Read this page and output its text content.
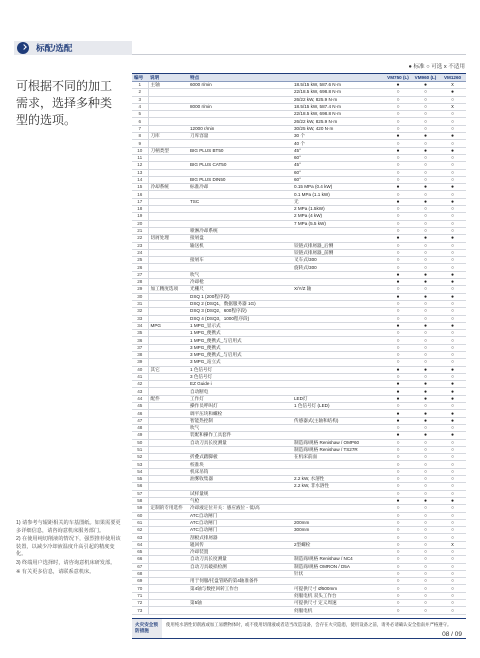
标配/选配
● 标准 ○ 可选 x 不适用
可根据不同的加工需求，选择多种类型的选项。

1) 请参考与辊距相关的车基图纸。如果需要更多详细信息，请咨询意机床服务部门。

2) 在使用纯切削液的情况下，强烈推荐使用该装置，以减少冷却液温度升高引起的精度变化。

3) 终端用户选择时，请咨询意机床研发部。

※ 有关更多信息，请联系意机床。

编号	说明	特点		VM750 (L)	VM960 (L)	VM1260
1	主轴	6000 r/min	18.5/15 kW, 587.6 N·m	●	●	x
2			22/18.5 kW, 698.8 N·m	○	○	●
3			26/22 kW, 825.9 N·m	○	○	○
4		8000 r/min	18.5/15 kW, 587.4 N·m	○	○	x
5			22/18.5 kW, 698.8 N·m	○	○	○
6			26/22 kW, 825.9 N·m	○	○	○
7		12000 r/min	30/25 kW, 420 N·m	○	○	○
8	刀库	刀库容量	30 个	●	●	●
9			40 个	○	○	○
10	刀柄类型	BIG PLUS BT50	45°	●	●	●
11			60°	○	○	○
12		BIG PLUS CAT50	45°	○	○	○
13			60°	○	○	○
14		BIG PLUS DIN50	60°	○	○	○
15	冷却系统	标准冷却	0.15 MPa (0.4 kW)	●	●	●
16			0.1 MPa (1.1 kW)	○	○	○
17		TSC	无	●	●	●
18			2 MPa (1.5kW)	○	○	○
19			2 MPa (4 kW)	○	○	○
20			7 MPa (5.5 kW)	○	○	○
21		喷淋冷却系统		○	○	○
22	切屑处理	接屑盘		●	●	●
23		输送机	铰链式排屑器_后侧	○	○	○
24			铰链式排屑器_前侧	○	○	○
25		接屑车	叉车式/300	○	○	○
26			旋转式/300	○	○	○
27		吹气		●	●	●
28		冷却枪		●	●	●
29	加工精度选项	光栅尺	X/Y/Z 轴	○	○	○
30		DSQ 1 (200程序段)		●	●	●
31		DSQ 2 (DSQ1，数据服务器 1G)		○	○	○
32		DSQ 3 (DSQ2，600程序段)		○	○	○
33		DSQ 4 (DSQ3，1000程序段)		○	○	○
34	MPG	1 MPG_显示式		●	●	●
35		1 MPG_便携式		○	○	○
36		1 MPG_便携式_与启用式		○	○	○
37		3 MPG_便携式		○	○	○
38		3 MPG_便携式_与启用式		○	○	○
39		3 MPG_站立式		○	○	○
40	其它	1 色信号灯		●	●	●
41		3 色信号灯		○	○	○
42		EZ Guide i		●	●	●
43		自动断电		●	●	●
44	配件	工作灯	LED灯	●	●	●
45		操作员呼叫灯	1 色信号灯 (LED)	○	○	○
46		调平压块和螺栓		●	●	●
47		智能热控制	传感器式(主轴和结构)	●	●	●
48		吹气		○	○	○
49		装配和操作工具套件		●	●	●
50		自动刀具长度测量	制造商/规格 Renishaw / OMP60	○	○	○
51			制造商/规格 Renishaw / TS27R	○	○	○
52		折叠式踏脚板	在机床前面	○	○	○
53		校准块		○	○	○
54		机床吊钩		○	○	○
55		油雾收集器	2.2 kW, 水溶性	○	○	○
56			2.2 kW, 非水溶性	○	○	○
57		试样量规		○	○	○
58		气枪		●	●	●
59	定制的专用选件	冷却液定位开关：感应液位 - 低/高		○	○	○
60		ATC自动闸门		○	○	○
61		ATC自动闸门	200mm	○	○	○
62		ATC自动闸门	300mm	○	○	○
63		刮板式排屑器		○	○	○
64		辊回传	2型螺栓	○	○	x
65		冷却装置		○	○	○
66		自动刀具长度测量	制造商/规格 Renishaw / NC4	○	○	○
67		自动刀具破损检测	制造商/规格 OMRON / D5A	○	○	○
68			针状	○	○	○
69		用于伺服/托盘管路的第4轴准备件		○	○	○
70		第4轴与数控回转工作台	可提供尺寸 Ø500mm	○	○	○
71			伺服电机 双头工作台	○	○	○
72		第5轴	可提供尺寸 定义周速	○	○	○
73			伺服电机	○	○	○
火灾安全预防措施
使用纯水溶性切削液或加工易燃物体时，或不使用切削液或者适当改造设备，会存在火灾隐患，使用设备之前，请务必请确认安全指南并严格遵守。
08 / 09
